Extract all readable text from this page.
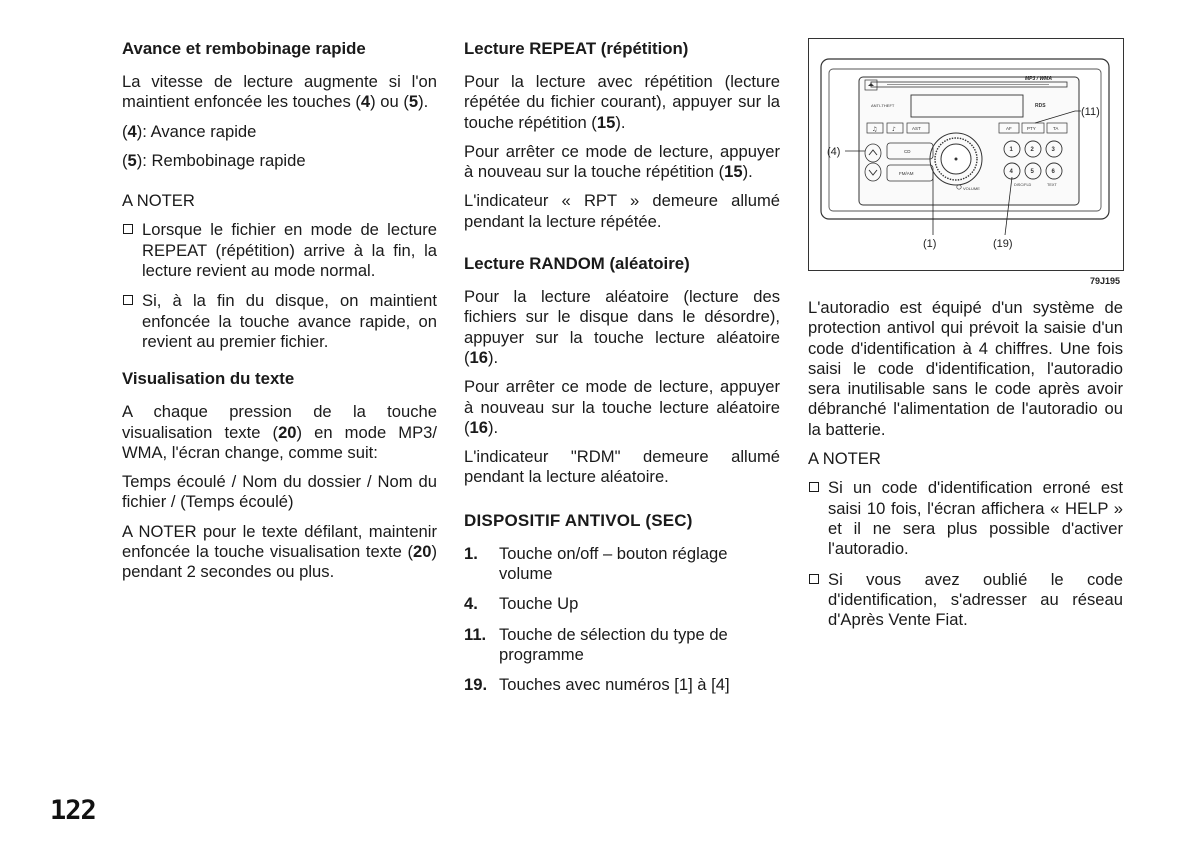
Avance et rembobinage rapide

La vitesse de lecture augmente si l'on maintient enfoncée les touches (4) ou (5).

(4): Avance rapide

(5): Rembobinage rapide

A NOTER

Lorsque le fichier en mode de lecture REPEAT (répétition) arrive à la fin, la lecture revient au mode normal.
Si, à la fin du disque, on maintient enfoncée la touche avance rapide, on revient au premier fichier.
Visualisation du texte

A chaque pression de la touche visualisation texte (20) en mode MP3/ WMA, l'écran change, comme suit:

Temps écoulé / Nom du dossier / Nom du fichier / (Temps écoulé)

A NOTER pour le texte défilant, maintenir enfoncée la touche visualisation texte (20) pendant 2 secondes ou plus.

Lecture REPEAT (répétition)

Pour la lecture avec répétition (lecture répétée du fichier courant), appuyer sur la touche répétition (15).

Pour arrêter ce mode de lecture, appuyer à nouveau sur la touche répétition (15).

L'indicateur « RPT » demeure allumé pendant la lecture répétée.

Lecture RANDOM (aléatoire)

Pour la lecture aléatoire (lecture des fichiers sur le disque dans le désordre), appuyer sur la touche lecture aléatoire (16).

Pour arrêter ce mode de lecture, appuyer à nouveau sur la touche lecture aléatoire (16).

L'indicateur "RDM" demeure allumé pendant la lecture aléatoire.

DISPOSITIF ANTIVOL (SEC)
1. Touche on/off – bouton réglage volume
4. Touche Up
11. Touche de sélection du type de programme
19. Touches avec numéros [1] à [4]
MP3 / WMA
ANTI-THEFT	RDS
♫ ♪	AST	AF	PTY	TA
CD
FM/AM
VOLUME
1	2	3
4	5	6
DISC/FLD	TEXT
(4)
(11)
(1)	(19)
79J195

L'autoradio est équipé d'un système de protection antivol qui prévoit la saisie d'un code d'identification à 4 chiffres. Une fois saisi le code d'identification, l'autoradio sera inutilisable sans le code après avoir débranché l'alimentation de l'autoradio ou la batterie.

A NOTER

Si un code d'identification erroné est saisi 10 fois, l'écran affichera « HELP » et il ne sera plus possible d'activer l'autoradio.
Si vous avez oublié le code d'identification, s'adresser au réseau d'Après Vente Fiat.
122
